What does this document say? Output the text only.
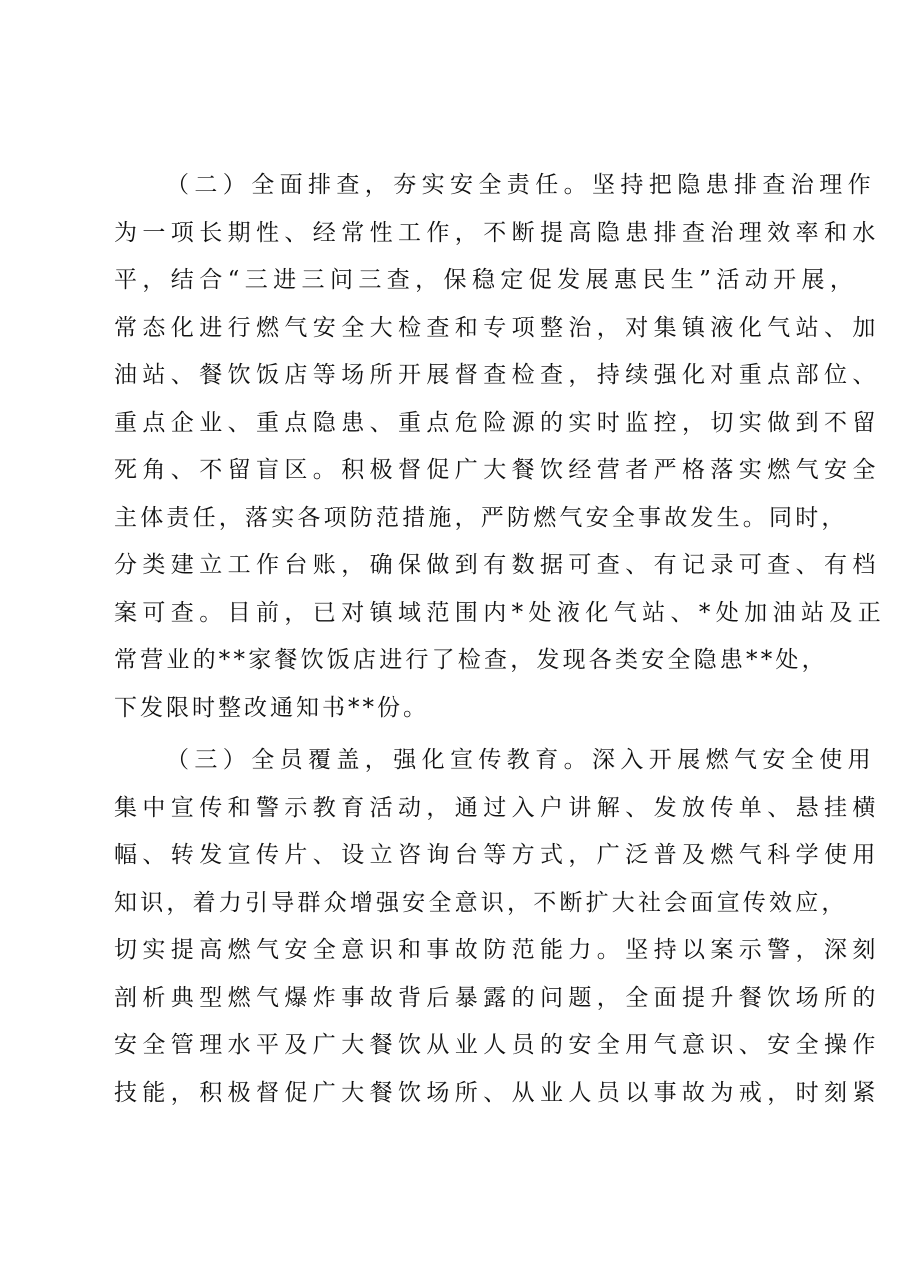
（二）全面排查，夯实安全责任。坚持把隐患排查治理作
为一项长期性、经常性工作，不断提高隐患排查治理效率和水
平，结合“三进三问三查，保稳定促发展惠民生”活动开展，
常态化进行燃气安全大检查和专项整治，对集镇液化气站、加
油站、餐饮饭店等场所开展督查检查，持续强化对重点部位、
重点企业、重点隐患、重点危险源的实时监控，切实做到不留
死角、不留盲区。积极督促广大餐饮经营者严格落实燃气安全
主体责任，落实各项防范措施，严防燃气安全事故发生。同时，
分类建立工作台账，确保做到有数据可查、有记录可查、有档
案可查。目前，已对镇域范围内*处液化气站、*处加油站及正
常营业的**家餐饮饭店进行了检查，发现各类安全隐患**处，
下发限时整改通知书**份。
（三）全员覆盖，强化宣传教育。深入开展燃气安全使用
集中宣传和警示教育活动，通过入户讲解、发放传单、悬挂横
幅、转发宣传片、设立咨询台等方式，广泛普及燃气科学使用
知识，着力引导群众增强安全意识，不断扩大社会面宣传效应，
切实提高燃气安全意识和事故防范能力。坚持以案示警，深刻
剖析典型燃气爆炸事故背后暴露的问题，全面提升餐饮场所的
安全管理水平及广大餐饮从业人员的安全用气意识、安全操作
技能，积极督促广大餐饮场所、从业人员以事故为戒，时刻紧
